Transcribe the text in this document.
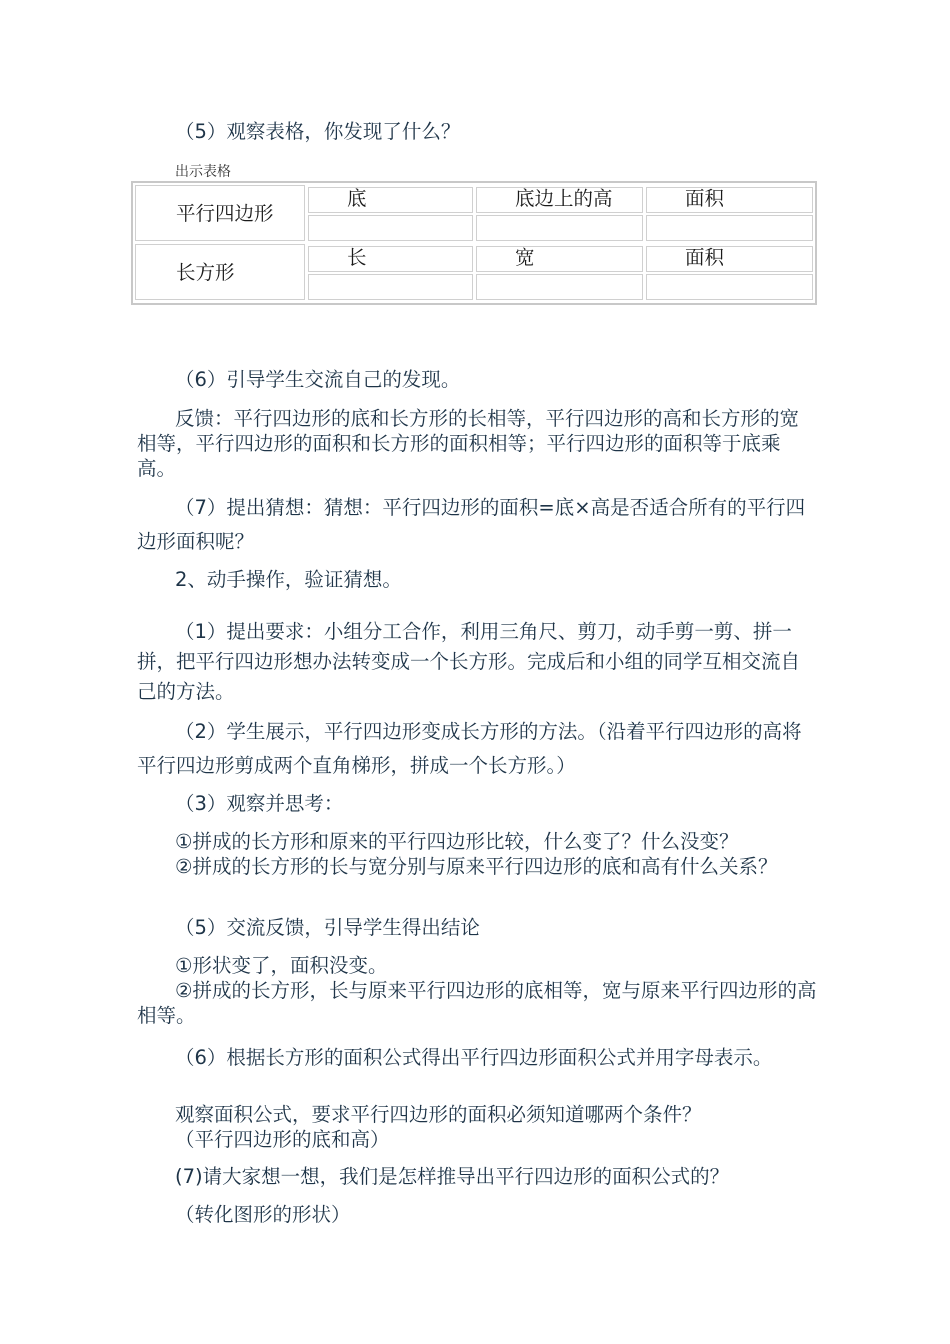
（5）观察表格，你发现了什么？

出示表格
平行四边形
底	底边上的高	面积
长方形
长	宽	面积

（6）引导学生交流自己的发现。

反馈：平行四边形的底和长方形的长相等，平行四边形的高和长方形的宽相等，平行四边形的面积和长方形的面积相等；平行四边形的面积等于底乘高。

（7）提出猜想：猜想：平行四边形的面积=底×高是否适合所有的平行四边形面积呢？

2、动手操作，验证猜想。

（1）提出要求：小组分工合作，利用三角尺、剪刀，动手剪一剪、拼一拼，把平行四边形想办法转变成一个长方形。完成后和小组的同学互相交流自己的方法。

（2）学生展示，平行四边形变成长方形的方法。（沿着平行四边形的高将平行四边形剪成两个直角梯形，拼成一个长方形。）

（3）观察并思考：

①拼成的长方形和原来的平行四边形比较，什么变了？什么没变？

②拼成的长方形的长与宽分别与原来平行四边形的底和高有什么关系？

（5）交流反馈，引导学生得出结论

①形状变了，面积没变。

②拼成的长方形，长与原来平行四边形的底相等，宽与原来平行四边形的高相等。

（6）根据长方形的面积公式得出平行四边形面积公式并用字母表示。

观察面积公式，要求平行四边形的面积必须知道哪两个条件？

（平行四边形的底和高）

(7)请大家想一想，我们是怎样推导出平行四边形的面积公式的？

（转化图形的形状）
